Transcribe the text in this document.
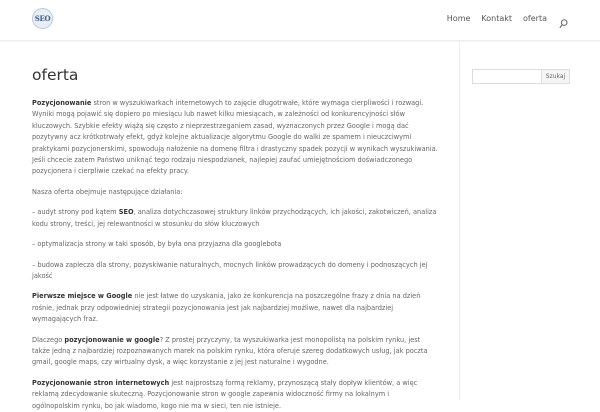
SEO	Home Kontakt oferta
oferta

Pozycjonowanie stron w wyszukiwarkach internetowych to zajęcie długotrwałe, które wymaga cierpliwości i rozwagi. Wyniki mogą pojawić się dopiero po miesiącu lub nawet kilku miesiącach, w zależności od konkurencyjności słów kluczowych. Szybkie efekty wiążą się często z nieprzestrzeganiem zasad, wyznaczonych przez Google i mogą dać pozytywny acz krótkotrwały efekt, gdyż kolejne aktualizacje algorytmu Google do walki ze spamem i nieuczciwymi praktykami pozycjonerskimi, spowodują nałożenie na domenę filtra i drastyczny spadek pozycji w wynikach wyszukiwania. Jeśli chcecie zatem Państwo uniknąć tego rodzaju niespodzianek, najlepiej zaufać umiejętnościom doświadczonego pozycjonera i cierpliwie czekać na efekty pracy.

Nasza oferta obejmuje następujące działania:

– audyt strony pod kątem SEO, analiza dotychczasowej struktury linków przychodzących, ich jakości, zakotwiczeń, analiza kodu strony, treści, jej relewantności w stosunku do słów kluczowych

– optymalizacja strony w taki sposób, by była ona przyjazna dla googlebota

– budowa zaplecza dla strony, pozyskiwanie naturalnych, mocnych linków prowadzących do domeny i podnoszących jej jakość

Pierwsze miejsce w Google nie jest łatwe do uzyskania, jako że konkurencja na poszczególne frazy z dnia na dzień rośnie, jednak przy odpowiedniej strategii pozycjonowania jest jak najbardziej możliwe, nawet dla najbardziej wymagających fraz.

Dlaczego pozycjonowanie w google? Z prostej przyczyny, ta wyszukiwarka jest monopolistą na polskim rynku, jest także jedną z najbardziej rozpoznawanych marek na polskim rynku, która oferuje szereg dodatkowych usług, jak poczta gmail, google maps, czy wirtualny dysk, a więc korzystanie z jej jest naturalne i wygodne.

Pozycjonowanie stron internetowych jest najprostszą formą reklamy, przynoszącą stały dopływ klientów, a więc reklamą zdecydowanie skuteczną. Pozycjonowanie stron w google zapewnia widoczność firmy na lokalnym i ogólnopolskim rynku, bo jak wiadomo, kogo nie ma w sieci, ten nie istnieje.

Szukaj
